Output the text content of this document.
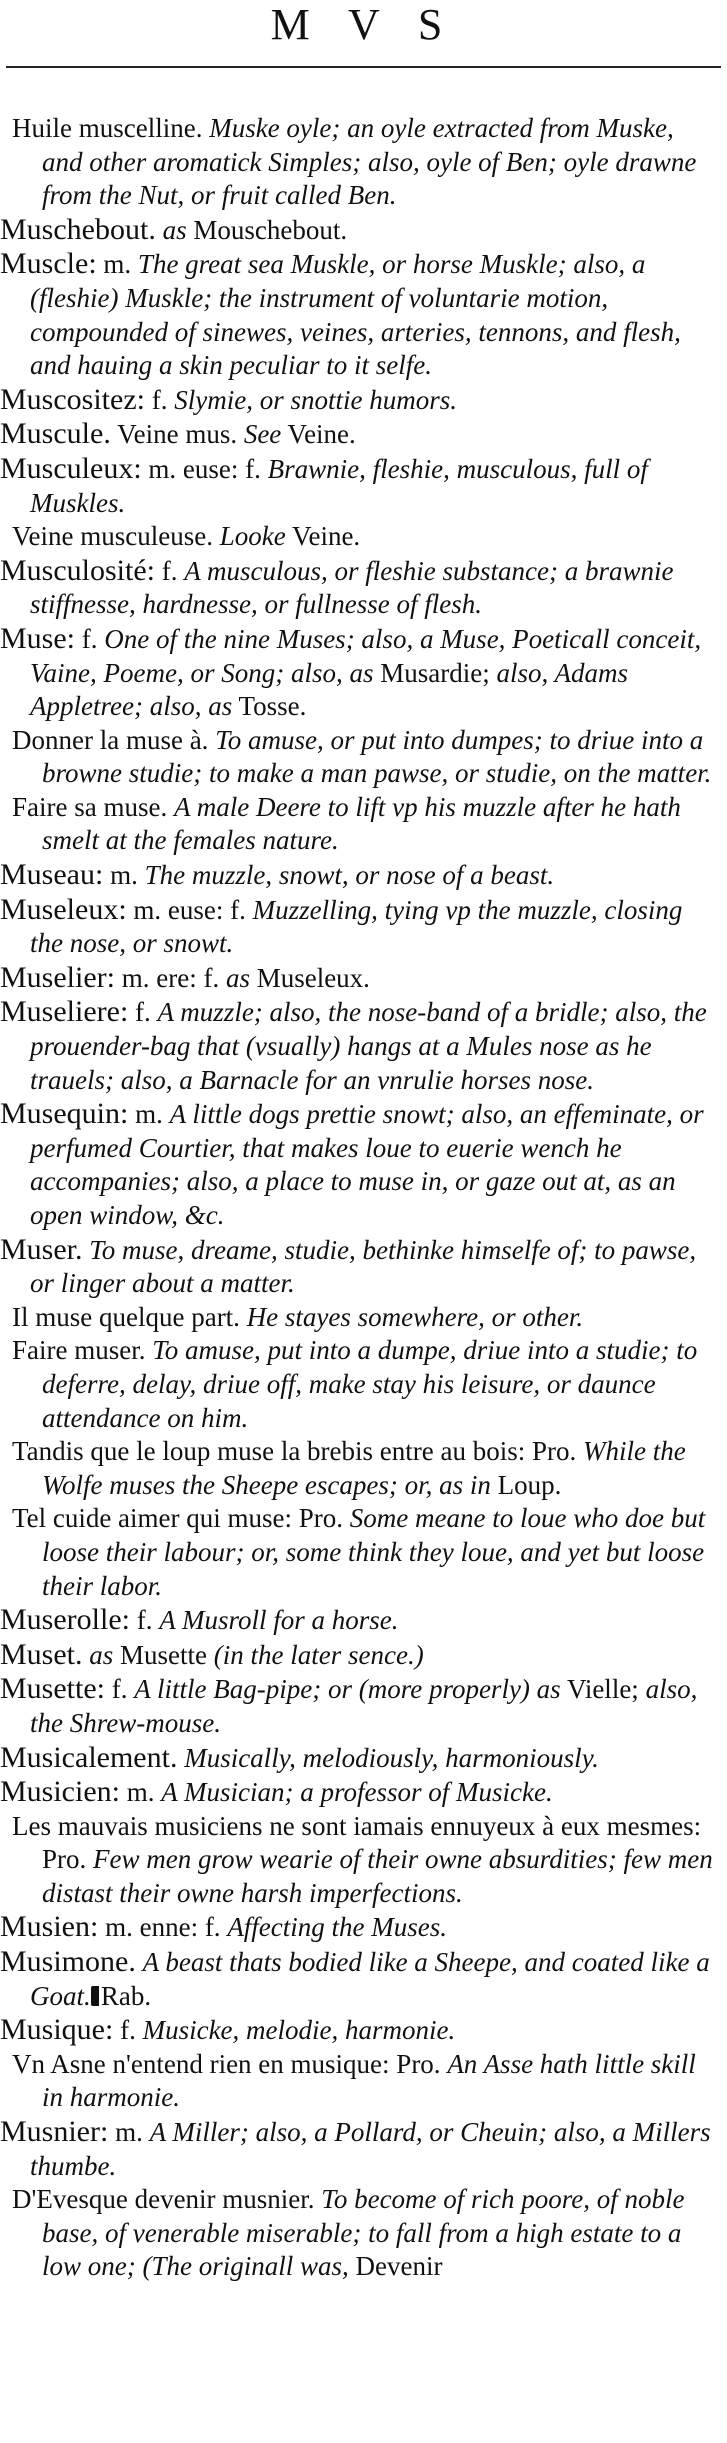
M V S

Huile muscelline. Muske oyle; an oyle extracted from Muske, and other aromatick Simples; also, oyle of Ben; oyle drawne from the Nut, or fruit called Ben.

Muschebout. as Mouschebout.

Muscle: m. The great sea Muskle, or horse Muskle; also, a (fleshie) Muskle; the instrument of voluntarie motion, compounded of sinewes, veines, arteries, tennons, and flesh, and hauing a skin peculiar to it selfe.

Muscositez: f. Slymie, or snottie humors.

Muscule. Veine mus. See Veine.

Musculeux: m. euse: f. Brawnie, fleshie, musculous, full of Muskles.

Veine musculeuse. Looke Veine.

Musculosité: f. A musculous, or fleshie substance; a brawnie stiffnesse, hardnesse, or fullnesse of flesh.

Muse: f. One of the nine Muses; also, a Muse, Poeticall conceit, Vaine, Poeme, or Song; also, as Musardie; also, Adams Appletree; also, as Tosse.

Donner la muse à. To amuse, or put into dumpes; to driue into a browne studie; to make a man pawse, or studie, on the matter.

Faire sa muse. A male Deere to lift vp his muzzle after he hath smelt at the females nature.

Museau: m. The muzzle, snowt, or nose of a beast.

Museleux: m. euse: f. Muzzelling, tying vp the muzzle, closing the nose, or snowt.

Muselier: m. ere: f. as Museleux.

Museliere: f. A muzzle; also, the nose-band of a bridle; also, the prouender-bag that (vsually) hangs at a Mules nose as he trauels; also, a Barnacle for an vnrulie horses nose.

Musequin: m. A little dogs prettie snowt; also, an effeminate, or perfumed Courtier, that makes loue to euerie wench he accompanies; also, a place to muse in, or gaze out at, as an open window, &c.

Muser. To muse, dreame, studie, bethinke himselfe of; to pawse, or linger about a matter.

Il muse quelque part. He stayes somewhere, or other.

Faire muser. To amuse, put into a dumpe, driue into a studie; to deferre, delay, driue off, make stay his leisure, or daunce attendance on him.

Tandis que le loup muse la brebis entre au bois: Pro. While the Wolfe muses the Sheepe escapes; or, as in Loup.

Tel cuide aimer qui muse: Pro. Some meane to loue who doe but loose their labour; or, some think they loue, and yet but loose their labor.

Muserolle: f. A Musroll for a horse.

Muset. as Musette (in the later sence.)

Musette: f. A little Bag-pipe; or (more properly) as Vielle; also, the Shrew-mouse.

Musicalement. Musically, melodiously, harmoniously.

Musicien: m. A Musician; a professor of Musicke.

Les mauvais musiciens ne sont iamais ennuyeux à eux mesmes: Pro. Few men grow wearie of their owne absurdities; few men distast their owne harsh imperfections.

Musien: m. enne: f. Affecting the Muses.

Musimone. A beast thats bodied like a Sheepe, and coated like a Goat. Rab.

Musique: f. Musicke, melodie, harmonie.

Vn Asne n'entend rien en musique: Pro. An Asse hath little skill in harmonie.

Musnier: m. A Miller; also, a Pollard, or Cheuin; also, a Millers thumbe.

D'Evesque devenir musnier. To become of rich poore, of noble base, of venerable miserable; to fall from a high estate to a low one; (The originall was, Devenir
